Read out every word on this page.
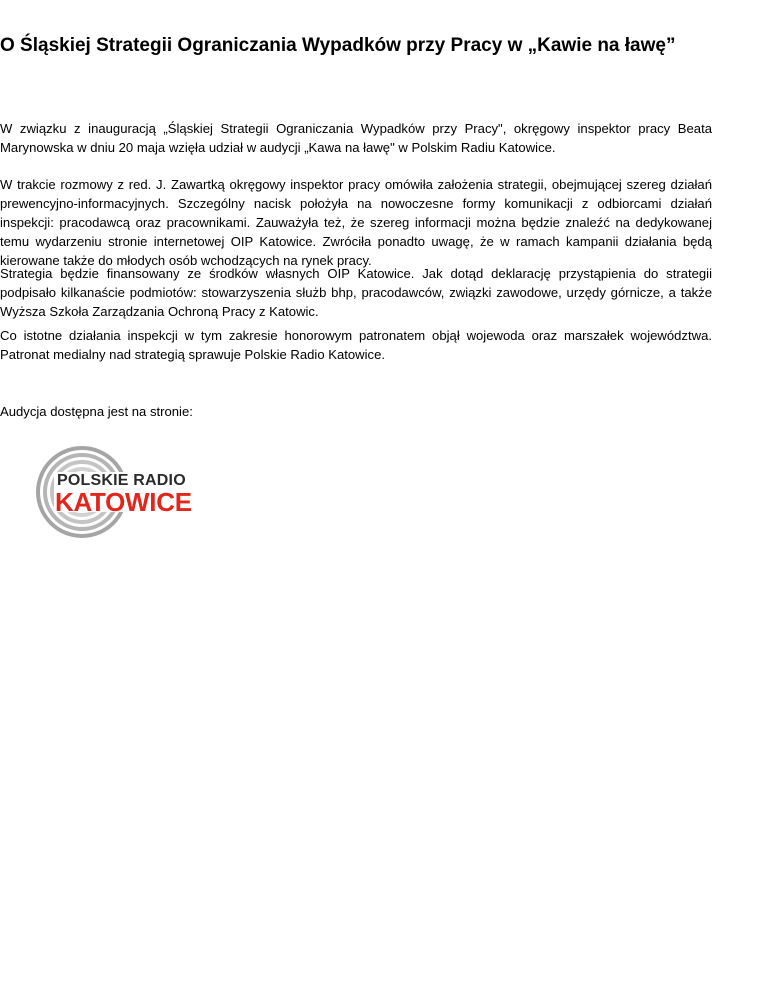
O Śląskiej Strategii Ograniczania Wypadków przy Pracy w „Kawie na ławę”

W związku z inauguracją „Śląskiej Strategii Ograniczania Wypadków przy Pracy", okręgowy inspektor pracy Beata Marynowska w dniu 20 maja wzięła udział w audycji „Kawa na ławę" w Polskim Radiu Katowice.

W trakcie rozmowy z red. J. Zawartką okręgowy inspektor pracy omówiła założenia strategii, obejmującej szereg działań prewencyjno-informacyjnych. Szczególny nacisk położyła na nowoczesne formy komunikacji z odbiorcami działań inspekcji: pracodawcą oraz pracownikami. Zauważyła też, że szereg informacji można będzie znaleźć na dedykowanej temu wydarzeniu stronie internetowej OIP Katowice. Zwróciła ponadto uwagę, że w ramach kampanii działania będą kierowane także do młodych osób wchodzących na rynek pracy.

Strategia będzie finansowany ze środków własnych OIP Katowice. Jak dotąd deklarację przystąpienia do strategii podpisało kilkanaście podmiotów: stowarzyszenia służb bhp, pracodawców, związki zawodowe, urzędy górnicze, a także Wyższa Szkoła Zarządzania Ochroną Pracy z Katowic.

Co istotne działania inspekcji w tym zakresie honorowym patronatem objął wojewoda oraz marszałek województwa. Patronat medialny nad strategią sprawuje Polskie Radio Katowice.

Audycja dostępna jest na stronie:

POLSKIE RADIO
KATOWICE
